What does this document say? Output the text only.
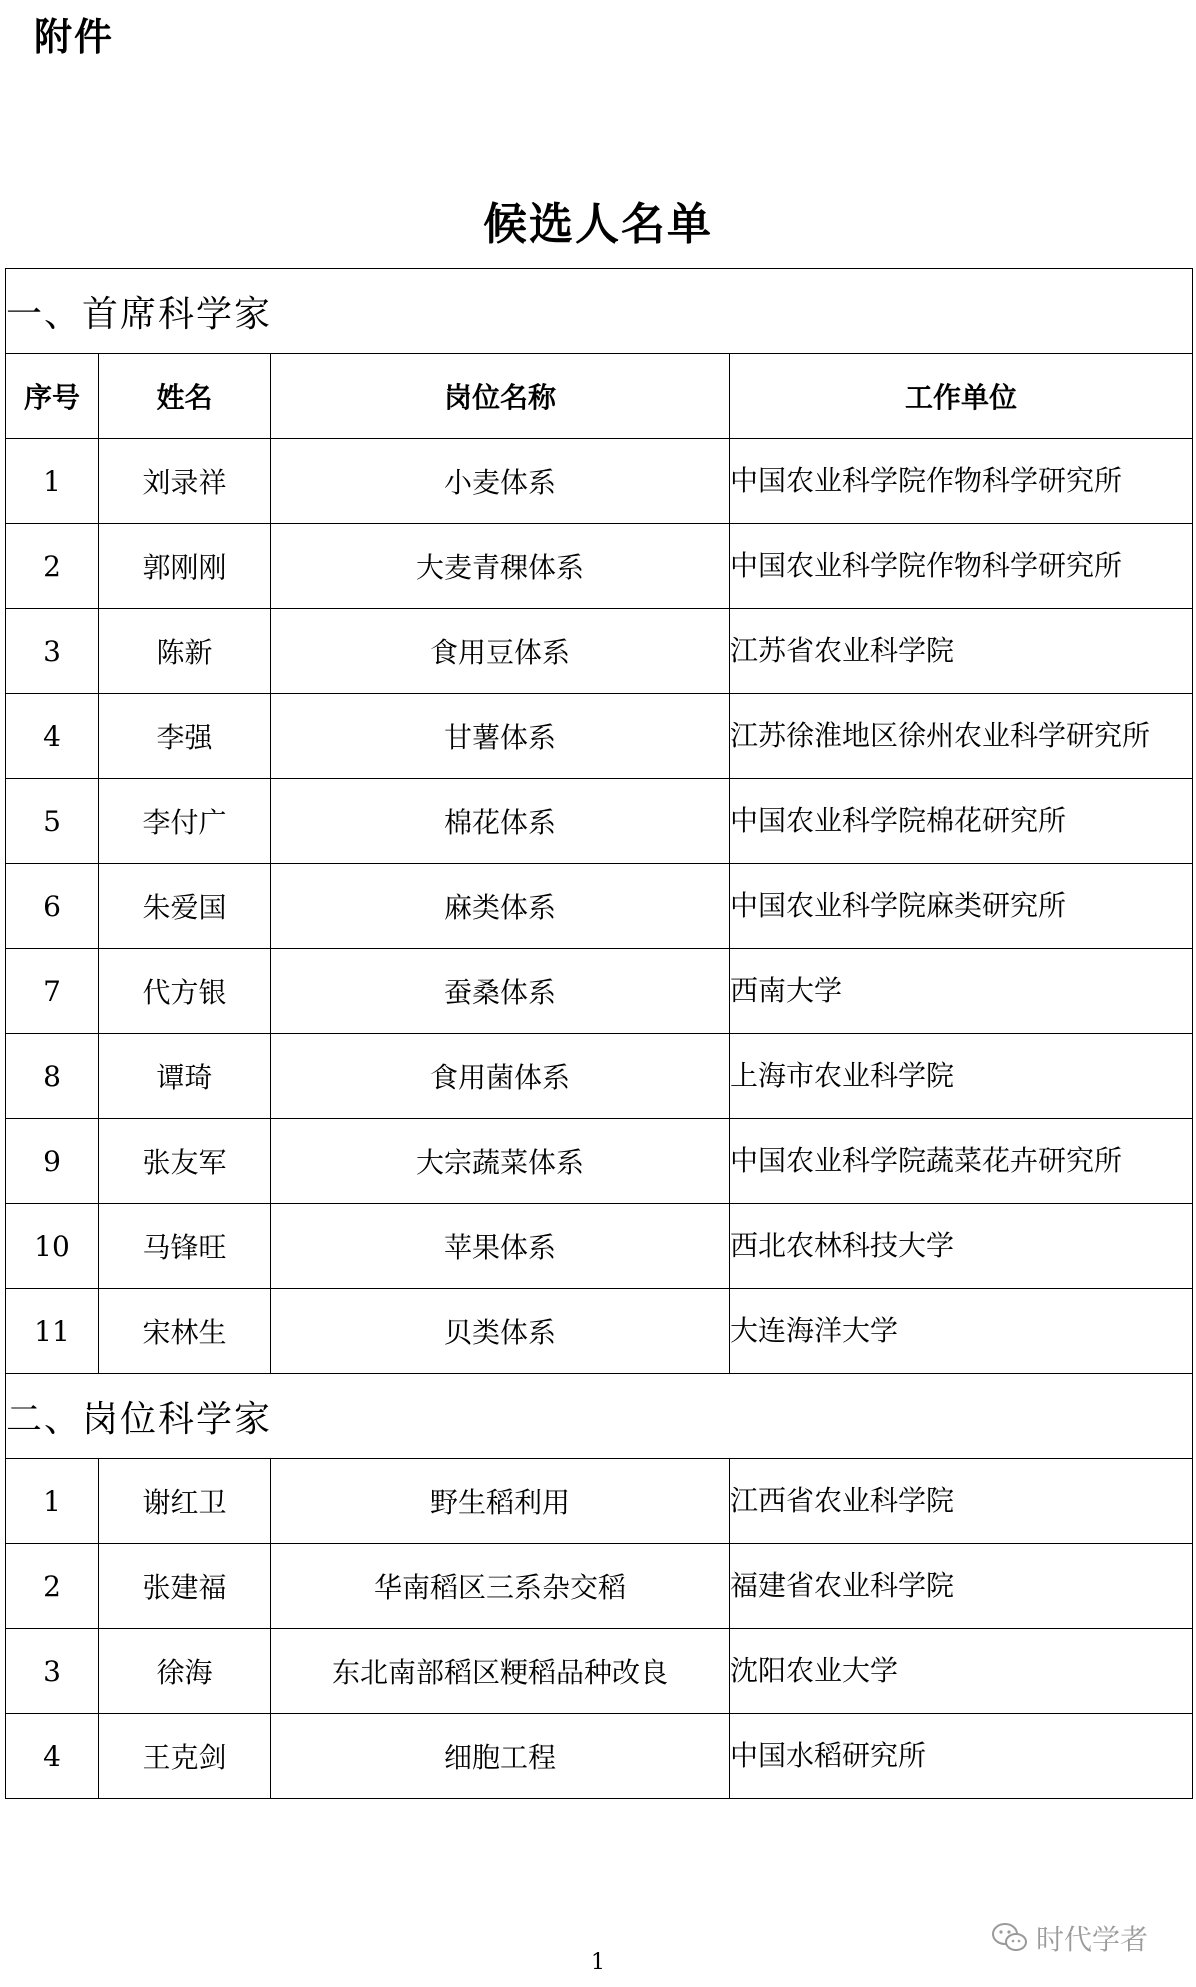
附件
候选人名单
一、首席科学家			
序号	姓名	岗位名称	工作单位
1	刘录祥	小麦体系	中国农业科学院作物科学研究所
2	郭刚刚	大麦青稞体系	中国农业科学院作物科学研究所
3	陈新	食用豆体系	江苏省农业科学院
4	李强	甘薯体系	江苏徐淮地区徐州农业科学研究所
5	李付广	棉花体系	中国农业科学院棉花研究所
6	朱爱国	麻类体系	中国农业科学院麻类研究所
7	代方银	蚕桑体系	西南大学
8	谭琦	食用菌体系	上海市农业科学院
9	张友军	大宗蔬菜体系	中国农业科学院蔬菜花卉研究所
10	马锋旺	苹果体系	西北农林科技大学
11	宋林生	贝类体系	大连海洋大学
二、岗位科学家			
1	谢红卫	野生稻利用	江西省农业科学院
2	张建福	华南稻区三系杂交稻	福建省农业科学院
3	徐海	东北南部稻区粳稻品种改良	沈阳农业大学
4	王克剑	细胞工程	中国水稻研究所
时代学者
1
